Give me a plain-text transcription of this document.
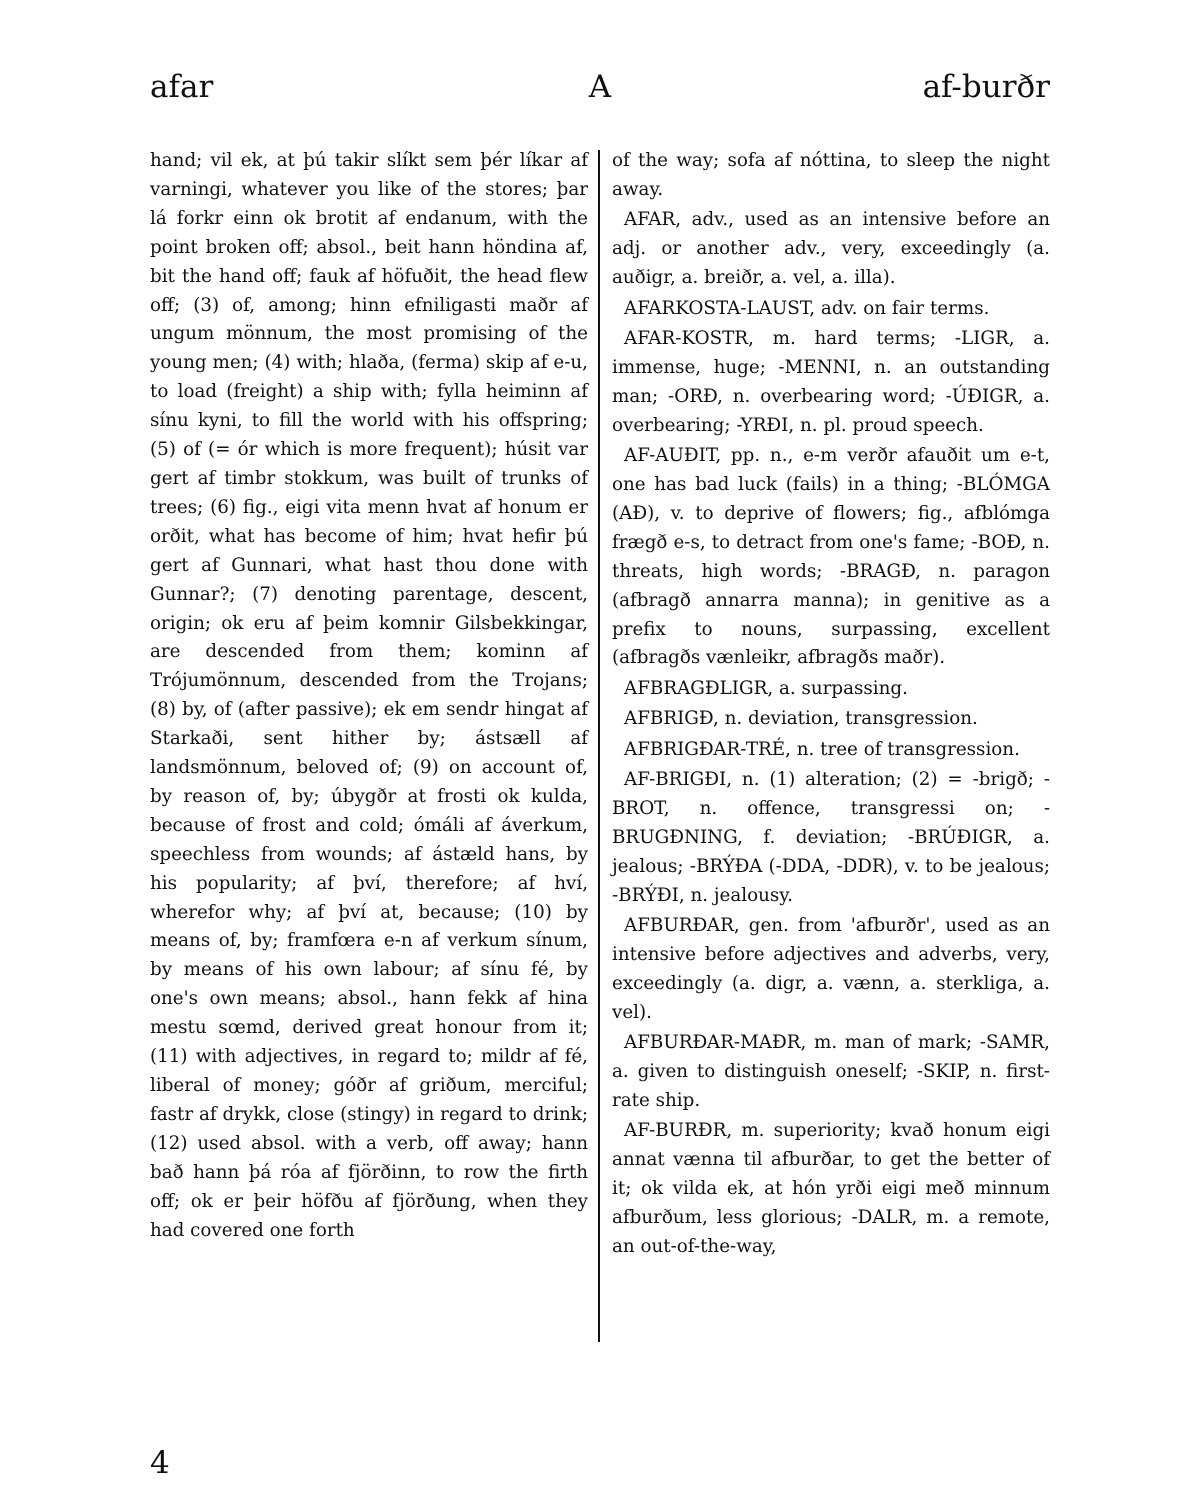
afar	A	af-burðr

hand; vil ek, at þú takir slíkt sem þér líkar af varningi, whatever you like of the stores; þar lá forkr einn ok brotit af endanum, with the point broken off; absol., beit hann höndina af, bit the hand off; fauk af höfuðit, the head flew off; (3) of, among; hinn efniligasti maðr af ungum mönnum, the most promising of the young men; (4) with; hlaða, (ferma) skip af e-u, to load (freight) a ship with; fylla heiminn af sínu kyni, to fill the world with his offspring; (5) of (= ór which is more frequent); húsit var gert af timbr stokkum, was built of trunks of trees; (6) fig., eigi vita menn hvat af honum er orðit, what has become of him; hvat hefir þú gert af Gunnari, what hast thou done with Gunnar?; (7) denoting parentage, descent, origin; ok eru af þeim komnir Gilsbekkingar, are descended from them; kominn af Trójumönnum, descended from the Trojans; (8) by, of (after passive); ek em sendr hingat af Starkaði, sent hither by; ástsæll af landsmönnum, beloved of; (9) on account of, by reason of, by; úbygðr at frosti ok kulda, because of frost and cold; ómáli af áverkum, speechless from wounds; af ástæld hans, by his popularity; af því, therefore; af hví, wherefor why; af því at, because; (10) by means of, by; framfœra e-n af verkum sínum, by means of his own labour; af sínu fé, by one's own means; absol., hann fekk af hina mestu sœmd, derived great honour from it; (11) with adjectives, in regard to; mildr af fé, liberal of money; góðr af griðum, merciful; fastr af drykk, close (stingy) in regard to drink; (12) used absol. with a verb, off away; hann bað hann þá róa af fjörðinn, to row the firth off; ok er þeir höfðu af fjörðung, when they had covered one forth

of the way; sofa af nóttina, to sleep the night away.

AFAR, adv., used as an intensive before an adj. or another adv., very, exceedingly (a. auðigr, a. breiðr, a. vel, a. illa).

AFARKOSTA-LAUST, adv. on fair terms.

AFAR-KOSTR, m. hard terms; -LIGR, a. immense, huge; -MENNI, n. an outstanding man; -ORÐ, n. overbearing word; -ÚÐIGR, a. overbearing; -YRÐI, n. pl. proud speech.

AF-AUÐIT, pp. n., e-m verðr afauðit um e-t, one has bad luck (fails) in a thing; -BLÓMGA (AÐ), v. to deprive of flowers; fig., afblómga frægð e-s, to detract from one's fame; -BOÐ, n. threats, high words; -BRAGÐ, n. paragon (afbragð annarra manna); in genitive as a prefix to nouns, surpassing, excellent (afbragðs vænleikr, afbragðs maðr).

AFBRAGÐLIGR, a. surpassing.

AFBRIGÐ, n. deviation, transgression.

AFBRIGÐAR-TRÉ, n. tree of transgression.

AF-BRIGÐI, n. (1) alteration; (2) = -brigð; -BROT, n. offence, transgressi on; -BRUGÐNING, f. deviation; -BRÚÐIGR, a. jealous; -BRÝÐA (-DDA, -DDR), v. to be jealous; -BRÝÐI, n. jealousy.

AFBURÐAR, gen. from 'afburðr', used as an intensive before adjectives and adverbs, very, exceedingly (a. digr, a. vænn, a. sterkliga, a. vel).

AFBURÐAR-MAÐR, m. man of mark; -SAMR, a. given to distinguish oneself; -SKIP, n. first-rate ship.

AF-BURÐR, m. superiority; kvað honum eigi annat vænna til afburðar, to get the better of it; ok vilda ek, at hón yrði eigi með minnum afburðum, less glorious; -DALR, m. a remote, an out-of-the-way,

4
